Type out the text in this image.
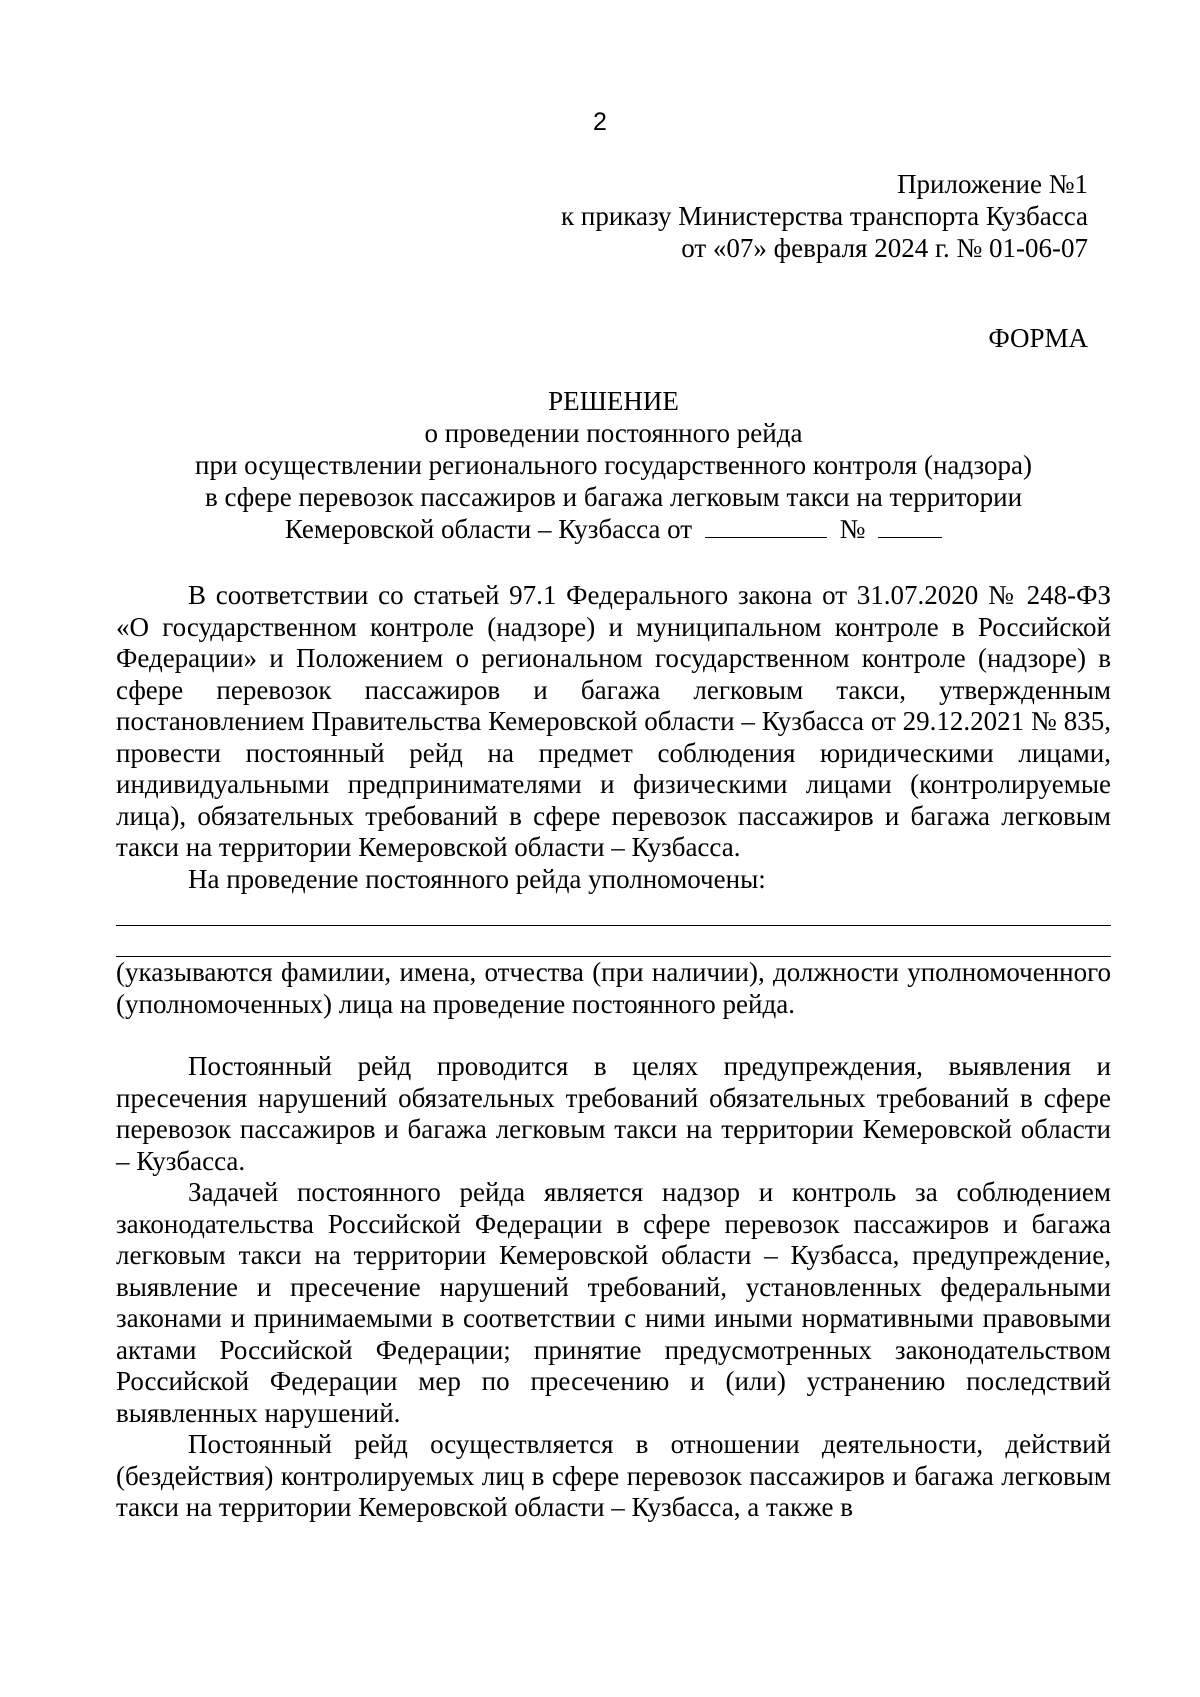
2
Приложение №1
к приказу Министерства транспорта Кузбасса
от «07» февраля 2024 г. № 01-06-07
ФОРМА
РЕШЕНИЕ
о проведении постоянного рейда
при осуществлении регионального государственного контроля (надзора)
в сфере перевозок пассажиров и багажа легковым такси на территории
Кемеровской области – Кузбасса от	№

В соответствии со статьей 97.1 Федерального закона от 31.07.2020 № 248-ФЗ «О государственном контроле (надзоре) и муниципальном контроле в Российской Федерации» и Положением о региональном государственном контроле (надзоре) в сфере перевозок пассажиров и багажа легковым такси, утвержденным постановлением Правительства Кемеровской области – Кузбасса от 29.12.2021 № 835, провести постоянный рейд на предмет соблюдения юридическими лицами, индивидуальными предпринимателями и физическими лицами (контролируемые лица), обязательных требований в сфере перевозок пассажиров и багажа легковым такси на территории Кемеровской области – Кузбасса.

На проведение постоянного рейда уполномочены:

(указываются фамилии, имена, отчества (при наличии), должности уполномоченного (уполномоченных) лица на проведение постоянного рейда.

Постоянный рейд проводится в целях предупреждения, выявления и пресечения нарушений обязательных требований обязательных требований в сфере перевозок пассажиров и багажа легковым такси на территории Кемеровской области – Кузбасса.

Задачей постоянного рейда является надзор и контроль за соблюдением законодательства Российской Федерации в сфере перевозок пассажиров и багажа легковым такси на территории Кемеровской области – Кузбасса, предупреждение, выявление и пресечение нарушений требований, установленных федеральными законами и принимаемыми в соответствии с ними иными нормативными правовыми актами Российской Федерации; принятие предусмотренных законодательством Российской Федерации мер по пресечению и (или) устранению последствий выявленных нарушений.

Постоянный рейд осуществляется в отношении деятельности, действий (бездействия) контролируемых лиц в сфере перевозок пассажиров и багажа легковым такси на территории Кемеровской области – Кузбасса, а также в
